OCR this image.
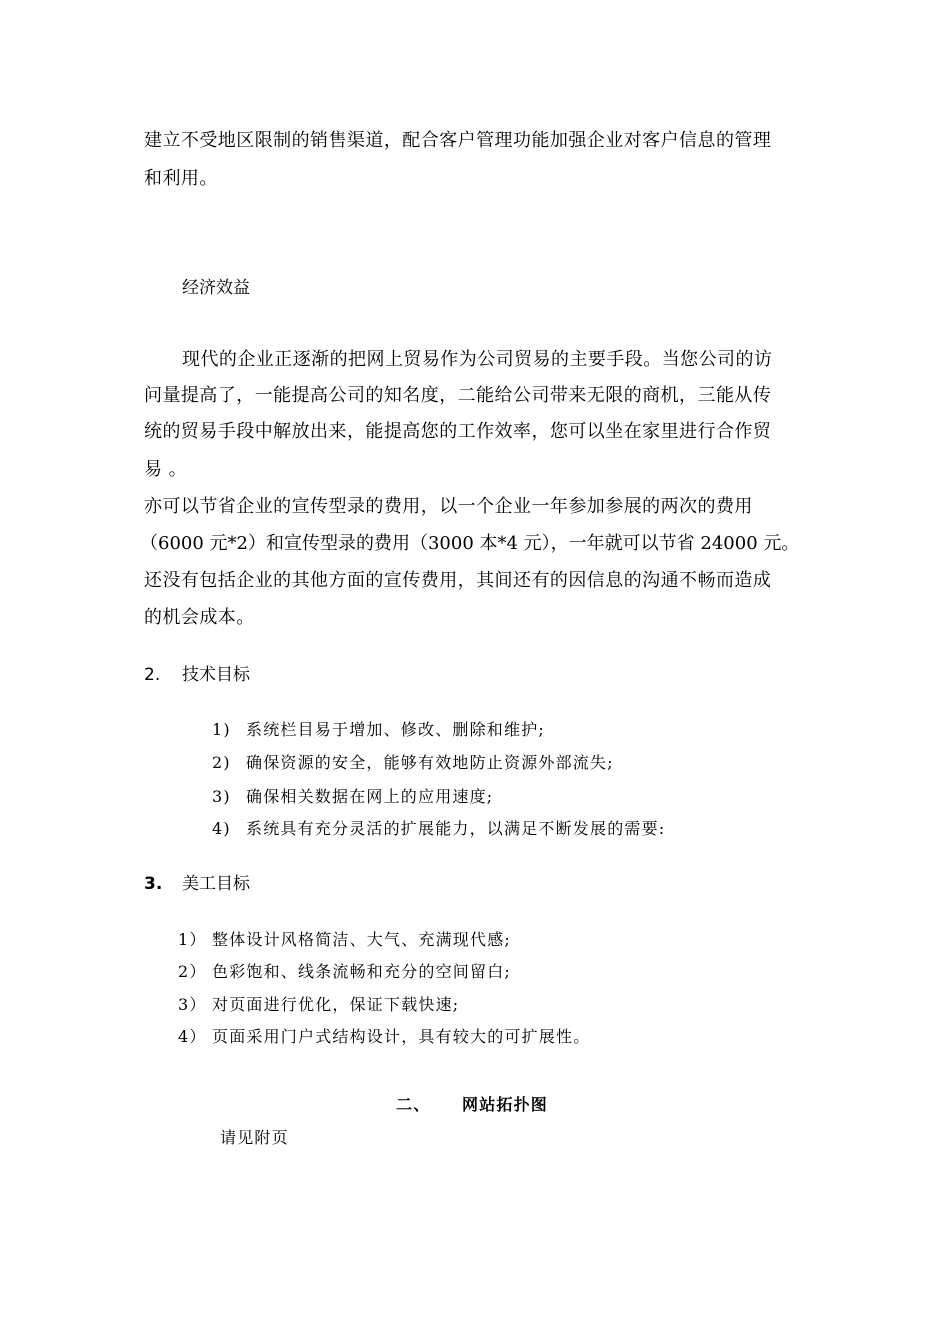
建立不受地区限制的销售渠道，配合客户管理功能加强企业对客户信息的管理
和利用。
经济效益
现代的企业正逐渐的把网上贸易作为公司贸易的主要手段。当您公司的访
问量提高了，一能提高公司的知名度，二能给公司带来无限的商机，三能从传
统的贸易手段中解放出来，能提高您的工作效率，您可以坐在家里进行合作贸
易 。
亦可以节省企业的宣传型录的费用，以一个企业一年参加参展的两次的费用
（6000 元*2）和宣传型录的费用（3000 本*4 元），一年就可以节省 24000 元。
还没有包括企业的其他方面的宣传费用，其间还有的因信息的沟通不畅而造成
的机会成本。
2. 技术目标
1) 系统栏目易于增加、修改、删除和维护;
2) 确保资源的安全，能够有效地防止资源外部流失;
3) 确保相关数据在网上的应用速度;
4) 系统具有充分灵活的扩展能力，以满足不断发展的需要:
3. 美工目标
1） 整体设计风格简洁、大气、充满现代感;
2） 色彩饱和、线条流畅和充分的空间留白;
3） 对页面进行优化，保证下载快速;
4） 页面采用门户式结构设计，具有较大的可扩展性。
二、 网站拓扑图
请见附页
